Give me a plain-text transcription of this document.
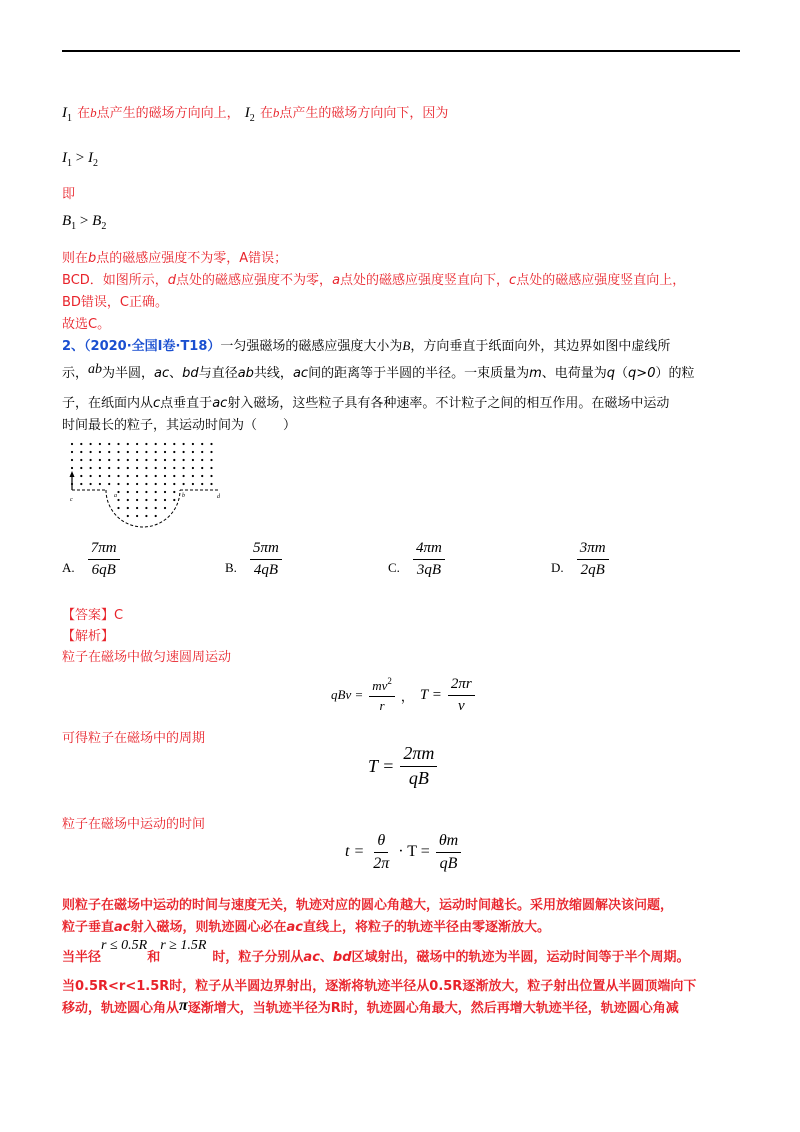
$I_1$ 在b点产生的磁场方向向上， $I_2$ 在b点产生的磁场方向向下，因为
$I_1 > I_2$
即
$B_1 > B_2$
则在b点的磁感应强度不为零，A错误；
BCD．如图所示，d点处的磁感应强度不为零，a点处的磁感应强度竖直向下，c点处的磁感应强度竖直向上，
BD错误，C正确。
故选C。
2、（2020·全国Ⅰ卷·T18）一匀强磁场的磁感应强度大小为B，方向垂直于纸面向外，其边界如图中虚线所
示，ab为半圆，ac、bd与直径ab共线，ac间的距离等于半圆的半径。一束质量为m、电荷量为q（q>0）的粒
子，在纸面内从c点垂直于ac射入磁场，这些粒子具有各种速率。不计粒子之间的相互作用。在磁场中运动
时间最长的粒子，其运动时间为（　　）
c
a	b	d
A. $\frac{7\pi m}{6qB}$	B. $\frac{5\pi m}{4qB}$	C. $\frac{4\pi m}{3qB}$	D. $\frac{3\pi m}{2qB}$
【答案】C
【解析】
粒子在磁场中做匀速圆周运动
qBv = $\frac{mv^2}{r}$ ， $T = \frac{2\pi r}{v}$
可得粒子在磁场中的周期
$T = \frac{2\pi m}{qB}$
粒子在磁场中运动的时间
$t = \frac{\theta}{2\pi} \cdot T = \frac{\theta m}{qB}$
则粒子在磁场中运动的时间与速度无关，轨迹对应的圆心角越大，运动时间越长。采用放缩圆解决该问题，
粒子垂直ac射入磁场，则轨迹圆心必在ac直线上，将粒子的轨迹半径由零逐渐放大。
当半径r ≤ 0.5R和r ≥ 1.5R时，粒子分别从ac、bd区域射出，磁场中的轨迹为半圆，运动时间等于半个周期。
当0.5R<r<1.5R时，粒子从半圆边界射出，逐渐将轨迹半径从0.5R逐渐放大，粒子射出位置从半圆顶端向下
移动，轨迹圆心角从π逐渐增大，当轨迹半径为R时，轨迹圆心角最大，然后再增大轨迹半径，轨迹圆心角减
